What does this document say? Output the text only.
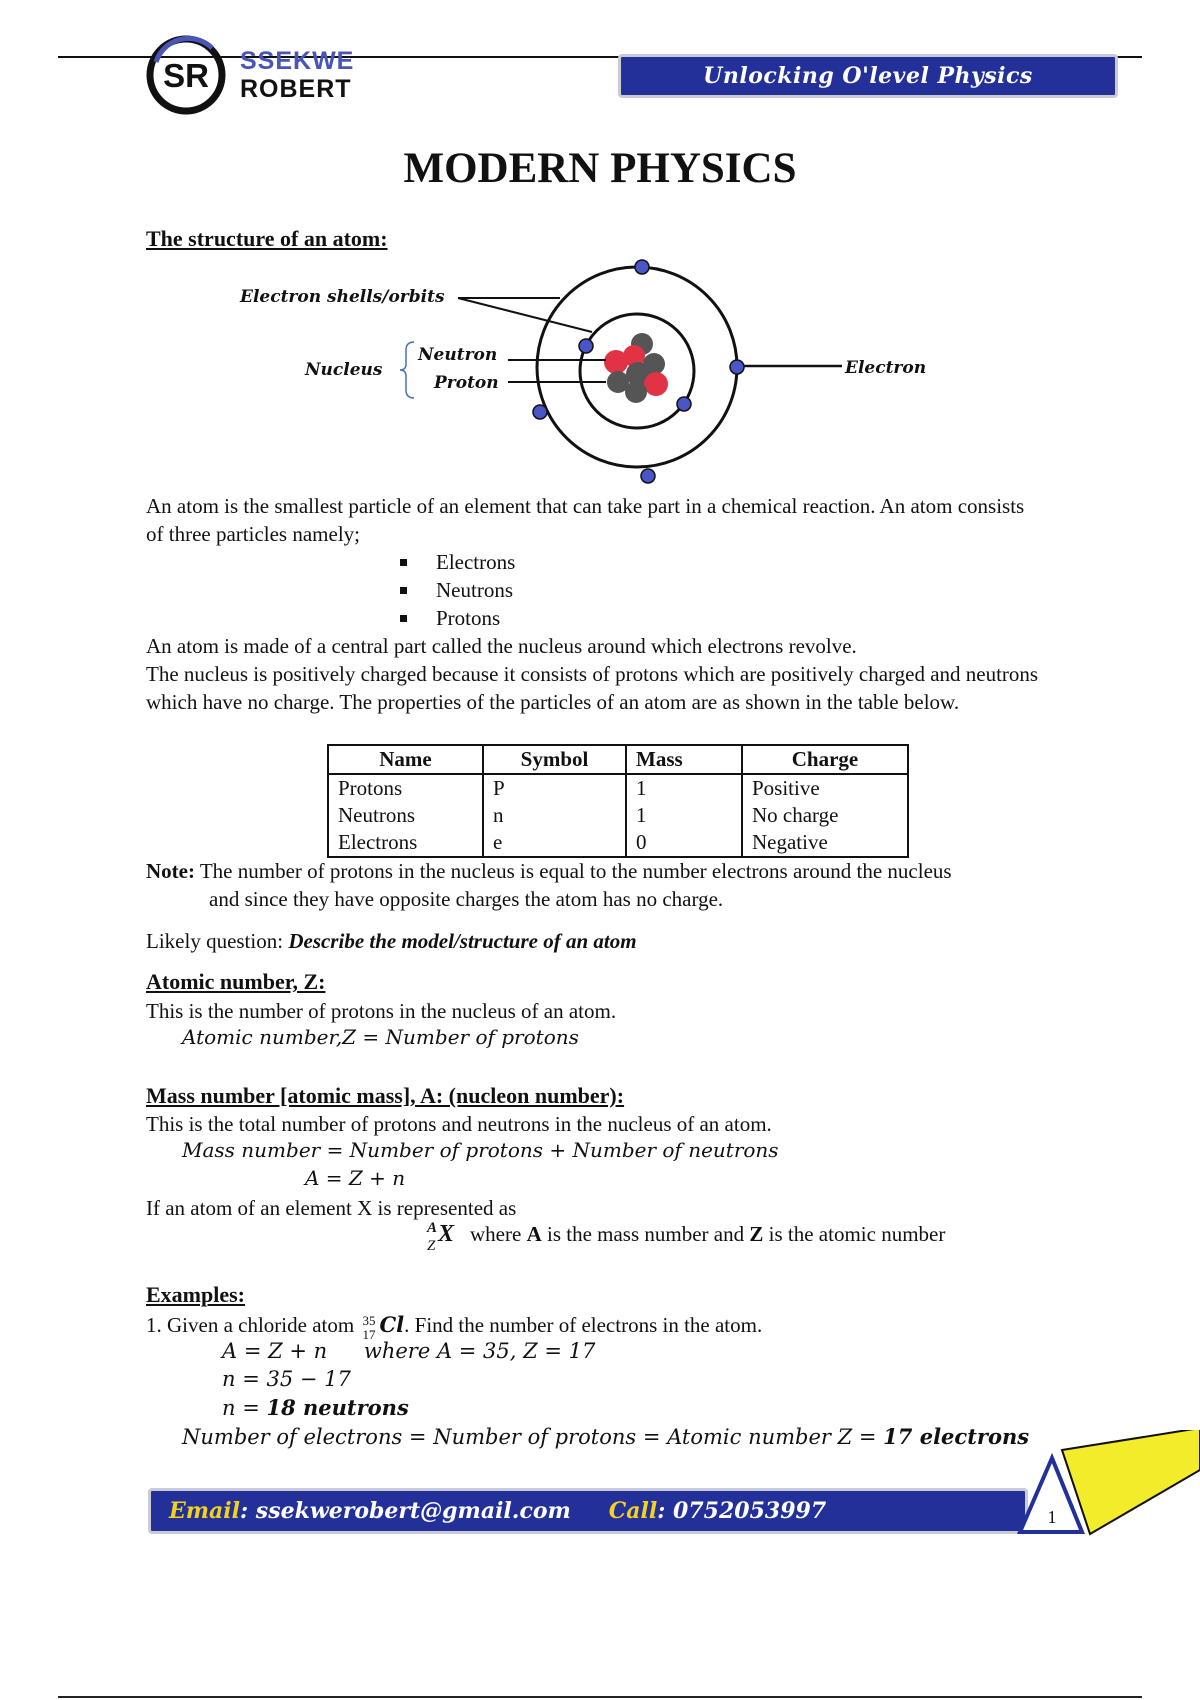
SR SSEKWE
ROBERT	Unlocking O'level Physics
MODERN PHYSICS
The structure of an atom:
Electron shells/orbits
Nucleus
Neutron
Proton
Electron
An atom is the smallest particle of an element that can take part in a chemical reaction. An atom consists of three particles namely;
Electrons
Neutrons
Protons
An atom is made of a central part called the nucleus around which electrons revolve.
The nucleus is positively charged because it consists of protons which are positively charged and neutrons which have no charge. The properties of the particles of an atom are as shown in the table below.
Name	Symbol	Mass	Charge
Protons	P	1	Positive
Neutrons	n	1	No charge
Electrons	e	0	Negative
Note: The number of protons in the nucleus is equal to the number electrons around the nucleus
and since they have opposite charges the atom has no charge.
Likely question: Describe the model/structure of an atom
Atomic number, Z:
This is the number of protons in the nucleus of an atom.
Atomic number,Z = Number of protons
Mass number [atomic mass], A: (nucleon number):
This is the total number of protons and neutrons in the nucleus of an atom.
Mass number = Number of protons + Number of neutrons
A = Z + n
If an atom of an element X is represented as
A
Z X where A is the mass number and Z is the atomic number
Examples:
1. Given a chloride atom 35
17 Cl. Find the number of electrons in the atom.
A = Z + n where A = 35, Z = 17
n = 35 − 17
n = 18 neutrons
Number of electrons = Number of protons = Atomic number Z = 17 electrons
Email : ssekwerobert@gmail.com Call : 0752053997	1
